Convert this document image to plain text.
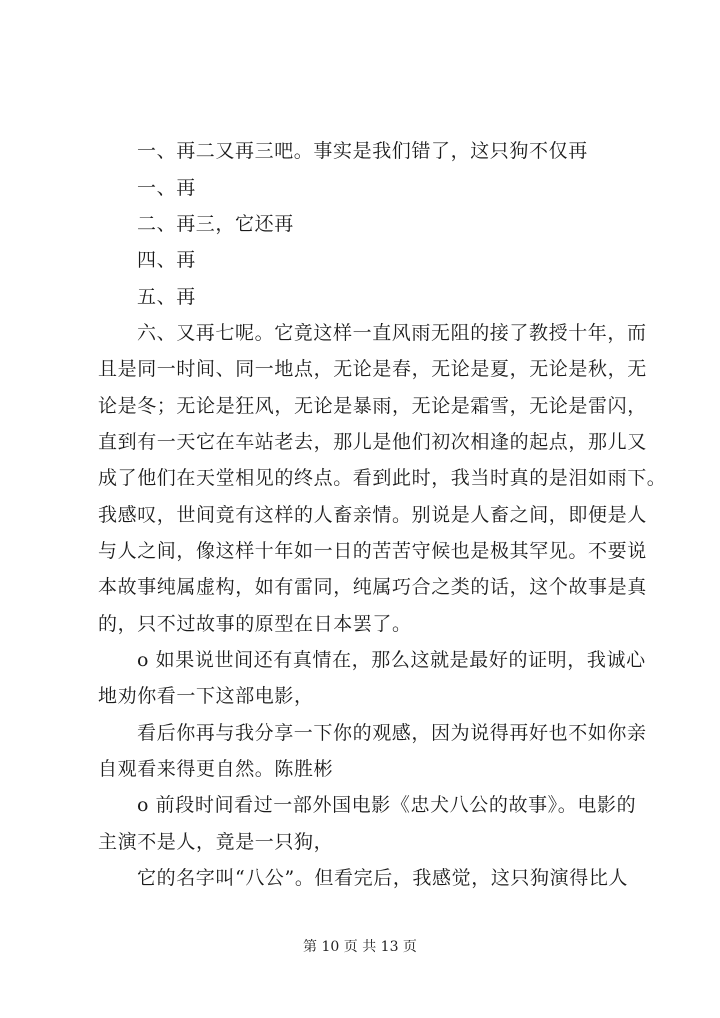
一、再二又再三吧。事实是我们错了，这只狗不仅再
一、再
二、再三，它还再
四、再
五、再
六、又再七呢。它竟这样一直风雨无阻的接了教授十年，而
且是同一时间、同一地点，无论是春，无论是夏，无论是秋，无
论是冬；无论是狂风，无论是暴雨，无论是霜雪，无论是雷闪，
直到有一天它在车站老去，那儿是他们初次相逢的起点，那儿又
成了他们在天堂相见的终点。看到此时，我当时真的是泪如雨下。
我感叹，世间竟有这样的人畜亲情。别说是人畜之间，即便是人
与人之间，像这样十年如一日的苦苦守候也是极其罕见。不要说
本故事纯属虚构，如有雷同，纯属巧合之类的话，这个故事是真
的，只不过故事的原型在日本罢了。
o 如果说世间还有真情在，那么这就是最好的证明，我诚心
地劝你看一下这部电影，
看后你再与我分享一下你的观感，因为说得再好也不如你亲
自观看来得更自然。陈胜彬
o 前段时间看过一部外国电影《忠犬八公的故事》。电影的
主演不是人，竟是一只狗，
它的名字叫“八公”。但看完后，我感觉，这只狗演得比人
第 10 页 共 13 页
